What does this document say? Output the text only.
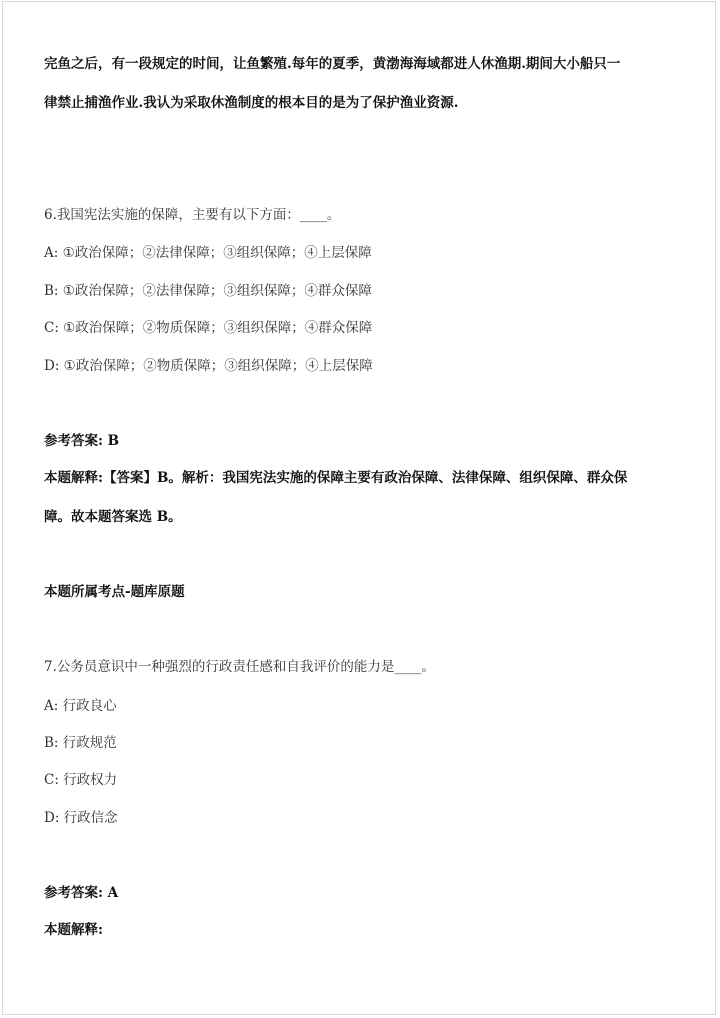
完鱼之后，有一段规定的时间，让鱼繁殖.每年的夏季，黄渤海海域都进人休渔期.期间大小船只一
律禁止捕渔作业.我认为采取休渔制度的根本目的是为了保护渔业资源.
6.我国宪法实施的保障，主要有以下方面：____。
A: ①政治保障；②法律保障；③组织保障；④上层保障
B: ①政治保障；②法律保障；③组织保障；④群众保障
C: ①政治保障；②物质保障；③组织保障；④群众保障
D: ①政治保障；②物质保障；③组织保障；④上层保障
参考答案: B
本题解释:【答案】B。解析：我国宪法实施的保障主要有政治保障、法律保障、组织保障、群众保
障。故本题答案选 B。
本题所属考点-题库原题
7.公务员意识中一种强烈的行政责任感和自我评价的能力是____。
A: 行政良心
B: 行政规范
C: 行政权力
D: 行政信念
参考答案: A
本题解释:
